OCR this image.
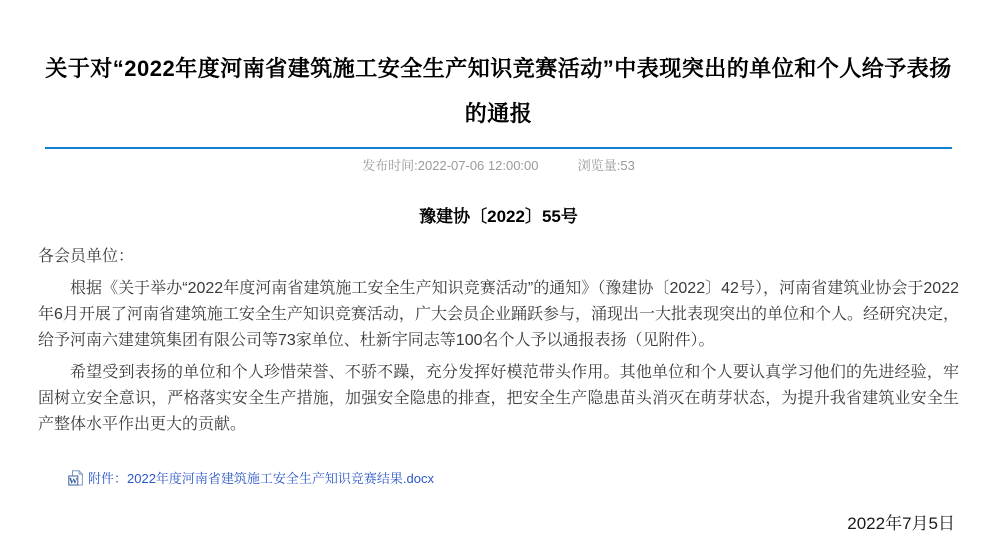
关于对“2022年度河南省建筑施工安全生产知识竞赛活动”中表现突出的单位和个人给予表扬的通报
发布时间:2022-07-06 12:00:00	浏览量:53
豫建协〔2022〕55号
各会员单位：

根据《关于举办“2022年度河南省建筑施工安全生产知识竞赛活动”的通知》（豫建协〔2022〕42号），河南省建筑业协会于2022年6月开展了河南省建筑施工安全生产知识竞赛活动，广大会员企业踊跃参与，涌现出一大批表现突出的单位和个人。经研究决定，给予河南六建建筑集团有限公司等73家单位、杜新宇同志等100名个人予以通报表扬（见附件）。

希望受到表扬的单位和个人珍惜荣誉、不骄不躁，充分发挥好模范带头作用。其他单位和个人要认真学习他们的先进经验，牢固树立安全意识，严格落实安全生产措施，加强安全隐患的排查，把安全生产隐患苗头消灭在萌芽状态，为提升我省建筑业安全生产整体水平作出更大的贡献。

W 附件：2022年度河南省建筑施工安全生产知识竞赛结果.docx
2022年7月5日
